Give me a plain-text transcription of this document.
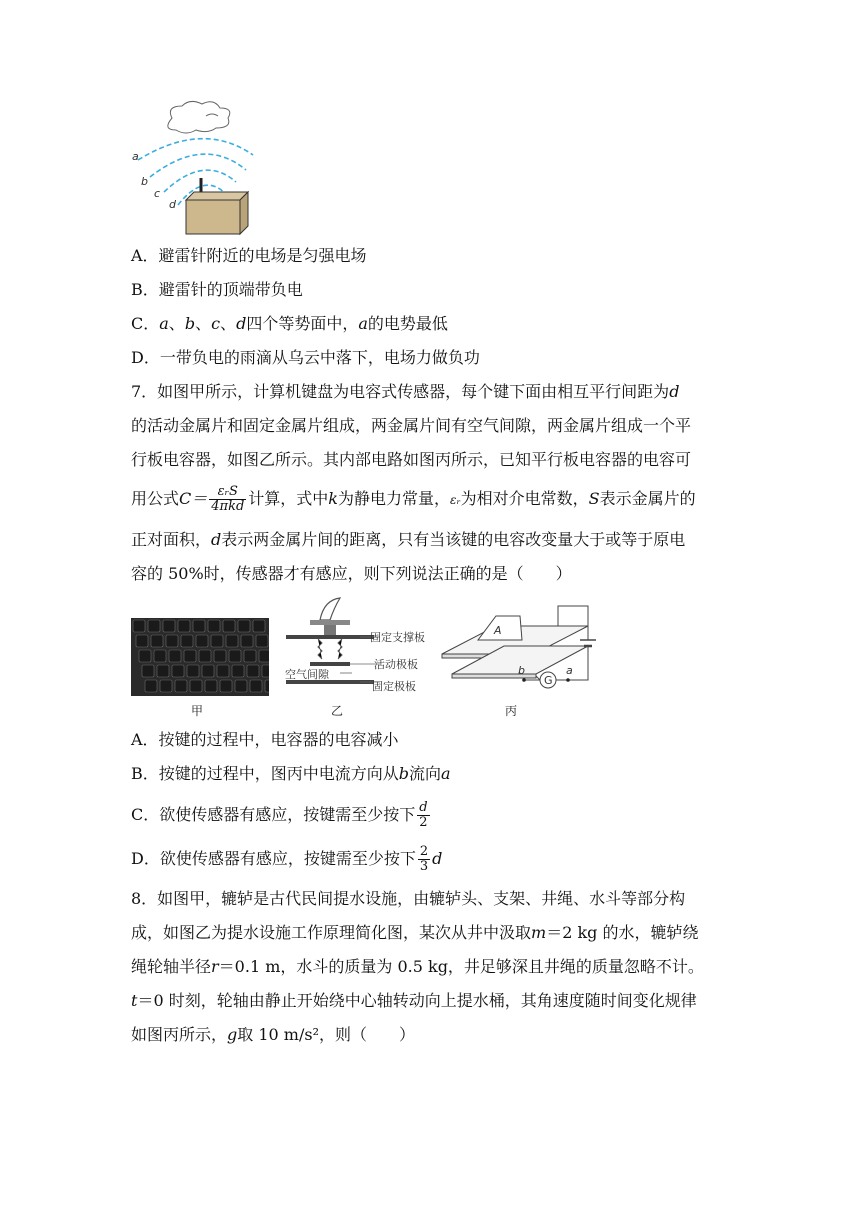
a
b
c
d
A．避雷针附近的电场是匀强电场
B．避雷针的顶端带负电
C．a、b、c、d四个等势面中，a的电势最低
D．一带负电的雨滴从乌云中落下，电场力做负功
7．如图甲所示，计算机键盘为电容式传感器，每个键下面由相互平行间距为d
的活动金属片和固定金属片组成，两金属片间有空气间隙，两金属片组成一个平
行板电容器，如图乙所示。其内部电路如图丙所示，已知平行板电容器的电容可
用公式$C= \frac{\text{εᵣS}}{\text{4πkd}}$ 计算，式中k为静电力常量，εᵣ为相对介电常数，S表示金属片的
正对面积，d表示两金属片间的距离，只有当该键的电容改变量大于或等于原电
容的 50%时，传感器才有感应，则下列说法正确的是（　　）
甲
固定支撑板
活动极板
空气间隙
固定极板
乙
A
G
b	a
丙
A．按键的过程中，电容器的电容减小
B．按键的过程中，图丙中电流方向从b流向a
C．欲使传感器有感应，按键需至少按下 $\frac{d}{2}$
D．欲使传感器有感应，按键需至少按下 $\frac{2}{3}$ d
8．如图甲，辘轳是古代民间提水设施，由辘轳头、支架、井绳、水斗等部分构
成，如图乙为提水设施工作原理简化图，某次从井中汲取m＝2 kg 的水，辘轳绕
绳轮轴半径r＝0.1 m，水斗的质量为 0.5 kg，井足够深且井绳的质量忽略不计。
t＝0 时刻，轮轴由静止开始绕中心轴转动向上提水桶，其角速度随时间变化规律
如图丙所示，g取 10 m/s²，则（　　）
